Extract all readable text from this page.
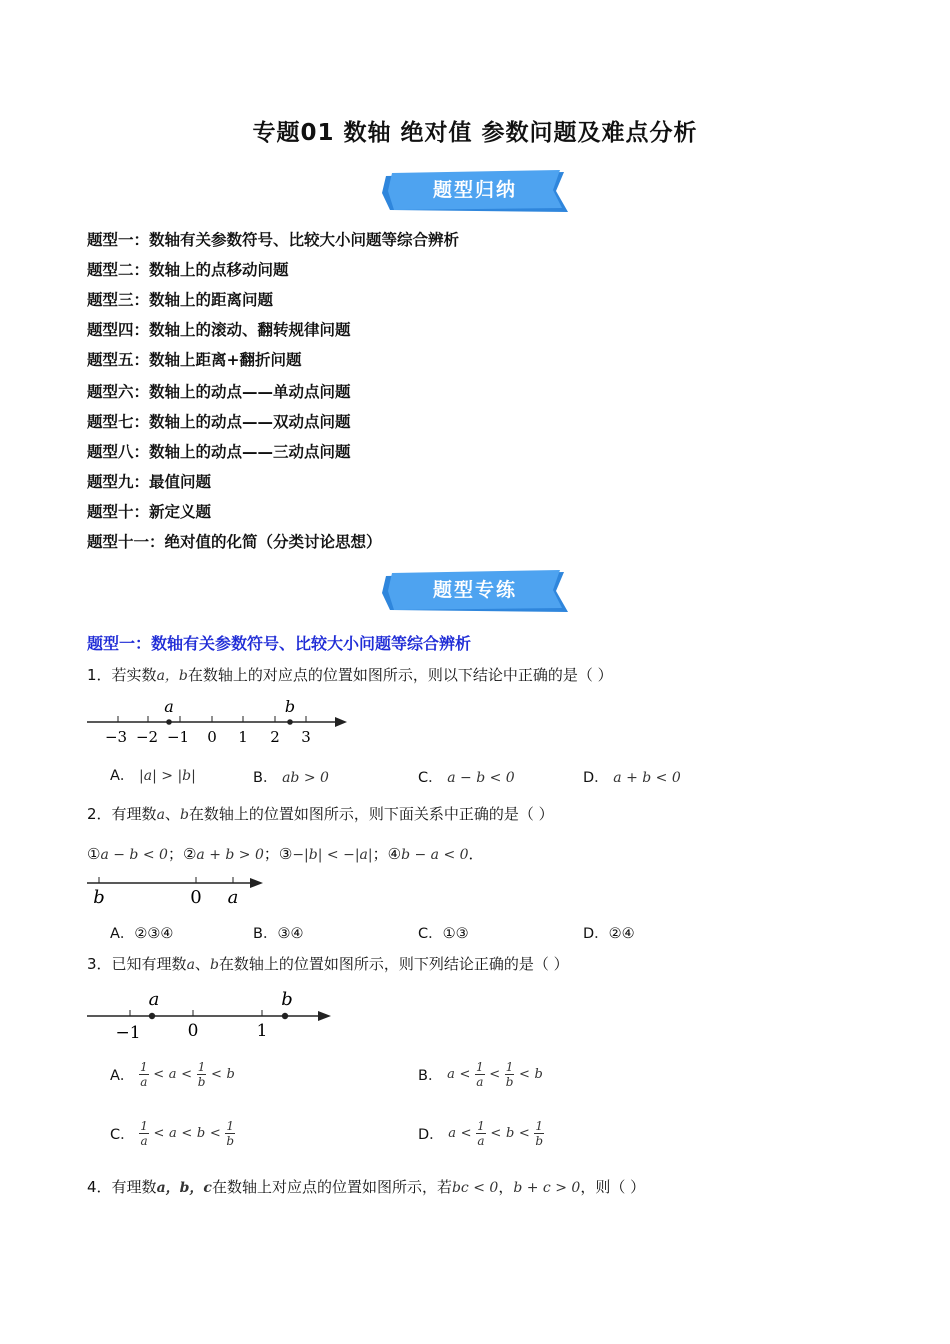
专题01 数轴 绝对值 参数问题及难点分析
题型归纳
题型一：数轴有关参数符号、比较大小问题等综合辨析
题型二：数轴上的点移动问题
题型三：数轴上的距离问题
题型四：数轴上的滚动、翻转规律问题
题型五：数轴上距离+翻折问题
题型六：数轴上的动点——单动点问题
题型七：数轴上的动点——双动点问题
题型八：数轴上的动点——三动点问题
题型九：最值问题
题型十：新定义题
题型十一：绝对值的化简（分类讨论思想）
题型专练
题型一：数轴有关参数符号、比较大小问题等综合辨析
1．若实数a，b在数轴上的对应点的位置如图所示，则以下结论中正确的是（ ）
a	b
−3 −2 −1 0 1 2 3
A． |a| > |b|	B． ab > 0	C． a − b < 0	D． a + b < 0
2．有理数a、b在数轴上的位置如图所示，则下面关系中正确的是（ ）
①a − b < 0；②a + b > 0；③−|b| < −|a|；④b − a < 0．
b	0 a
A．②③④	B．③④	C．①③	D．②④
3．已知有理数a、b在数轴上的位置如图所示，则下列结论正确的是（ ）
a	b
−1	0	1
A． $\frac{1}{a} < a < \frac{1}{b} < b$	B． $a < \frac{1}{a} < \frac{1}{b} < b$
C． $\frac{1}{a} < a < b < \frac{1}{b}$	D． $a < \frac{1}{a} < b < \frac{1}{b}$
4．有理数a，b，c在数轴上对应点的位置如图所示，若bc < 0，b + c > 0，则（ ）
